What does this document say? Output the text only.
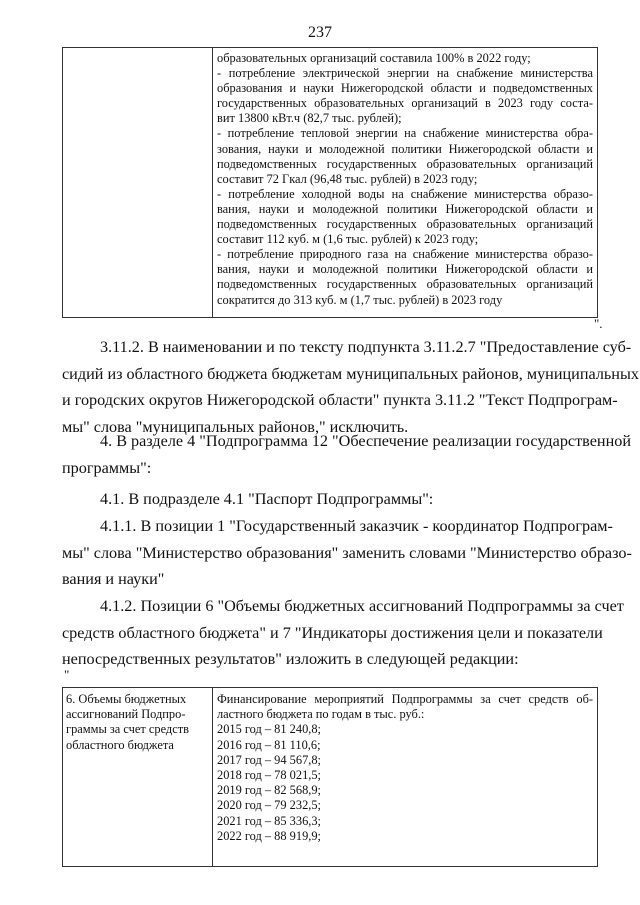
237
образовательных организаций составила 100% в 2022 году;
- потребление электрической энергии на снабжение министерства
образования и науки Нижегородской области и подведомственных
государственных образовательных организаций в 2023 году соста-
вит 13800 кВт.ч (82,7 тыс. рублей);
- потребление тепловой энергии на снабжение министерства обра-
зования, науки и молодежной политики Нижегородской области и
подведомственных государственных образовательных организаций
составит 72 Гкал (96,48 тыс. рублей) в 2023 году;
- потребление холодной воды на снабжение министерства образо-
вания, науки и молодежной политики Нижегородской области и
подведомственных государственных образовательных организаций
составит 112 куб. м (1,6 тыс. рублей) к 2023 году;
- потребление природного газа на снабжение министерства образо-
вания, науки и молодежной политики Нижегородской области и
подведомственных государственных образовательных организаций
сократится до 313 куб. м (1,7 тыс. рублей) в 2023 году
".
3.11.2. В наименовании и по тексту подпункта 3.11.2.7 "Предоставление суб-
сидий из областного бюджета бюджетам муниципальных районов, муниципальных
и городских округов Нижегородской области" пункта 3.11.2 "Текст Подпрограм-
мы" слова "муниципальных районов," исключить.
4. В разделе 4 "Подпрограмма 12 "Обеспечение реализации государственной
программы":
4.1. В подразделе 4.1 "Паспорт Подпрограммы":
4.1.1. В позиции 1 "Государственный заказчик - координатор Подпрограм-
мы" слова "Министерство образования" заменить словами "Министерство образо-
вания и науки"
4.1.2. Позиции 6 "Объемы бюджетных ассигнований Подпрограммы за счет
средств областного бюджета" и 7 "Индикаторы достижения цели и показатели
непосредственных результатов" изложить в следующей редакции:
"
6. Объемы бюджетных
ассигнований Подпро-
граммы за счет средств
областного бюджета
Финансирование мероприятий Подпрограммы за счет средств об-
ластного бюджета по годам в тыс. руб.:
2015 год – 81 240,8;
2016 год – 81 110,6;
2017 год – 94 567,8;
2018 год – 78 021,5;
2019 год – 82 568,9;
2020 год – 79 232,5;
2021 год – 85 336,3;
2022 год – 88 919,9;
